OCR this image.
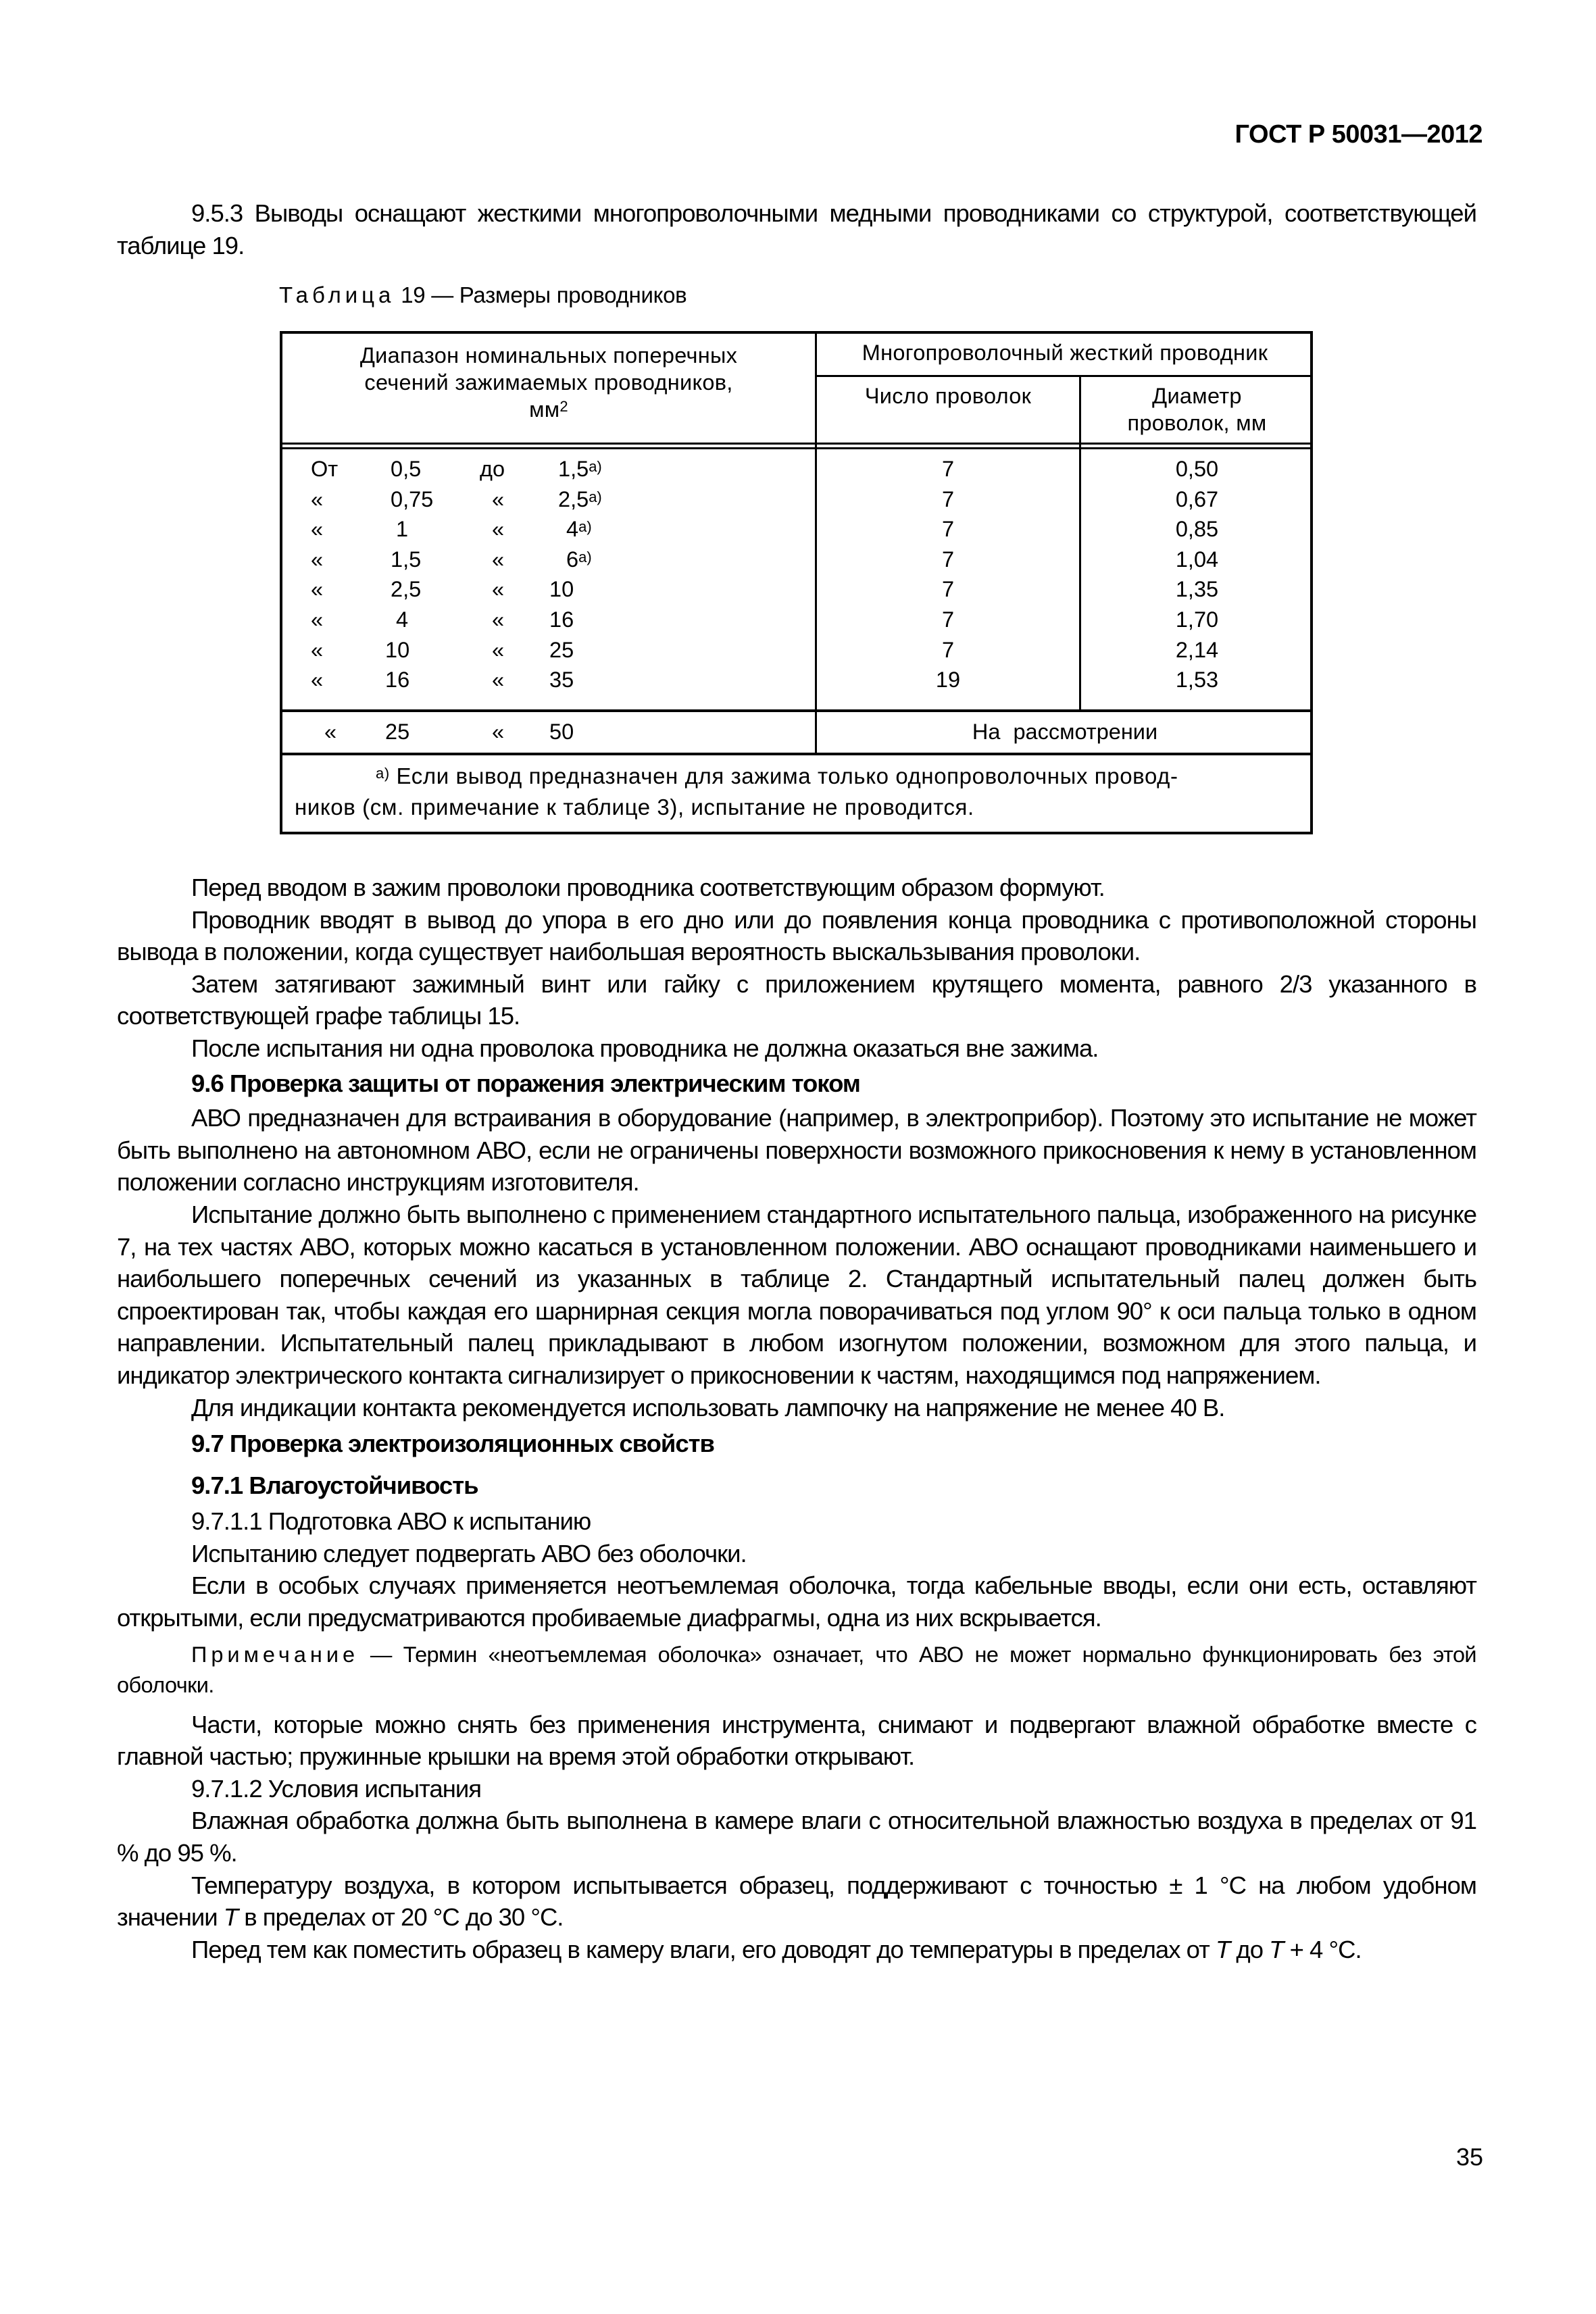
ГОСТ Р 50031—2012

9.5.3 Выводы оснащают жесткими многопроволочными медными проводниками со структурой, соответствующей таблице 19.

Таблица 19 — Размеры проводников
Диапазон номинальных поперечных
сечений зажимаемых проводников,
$мм^2$
Многопроволочный жесткий проводник
Число проволок	Диаметр
проволок, мм
От 0,5	до $1,5^{а)}$	7	0,50
«	0,75	« $2,5^{а)}$	7	0,67
«	1	«	$4^{а)}$	7	0,85
«	1,5	«	$6^{а)}$	7	1,04
«	2,5	« 10	7	1,35
«	4	« 16	7	1,70
«	10	« 25	7	2,14
«	16	« 35	19	1,53
« 25	« 50	На рассмотрении
$^{а)}$ Если вывод предназначен для зажима только однопроволочных провод-
ников (см. примечание к таблице 3), испытание не проводится.

Перед вводом в зажим проволоки проводника соответствующим образом формуют.

Проводник вводят в вывод до упора в его дно или до появления конца проводника с противоположной стороны вывода в положении, когда существует наибольшая вероятность выскальзывания проволоки.

Затем затягивают зажимный винт или гайку с приложением крутящего момента, равного 2/3 указанного в соответствующей графе таблицы 15.

После испытания ни одна проволока проводника не должна оказаться вне зажима.

9.6 Проверка защиты от поражения электрическим током

АВО предназначен для встраивания в оборудование (например, в электроприбор). Поэтому это испытание не может быть выполнено на автономном АВО, если не ограничены поверхности возможного прикосновения к нему в установленном положении согласно инструкциям изготовителя.

Испытание должно быть выполнено с применением стандартного испытательного пальца, изображенного на рисунке 7, на тех частях АВО, которых можно касаться в установленном положении. АВО оснащают проводниками наименьшего и наибольшего поперечных сечений из указанных в таблице 2. Стандартный испытательный палец должен быть спроектирован так, чтобы каждая его шарнирная секция могла поворачиваться под углом 90° к оси пальца только в одном направлении. Испытательный палец прикладывают в любом изогнутом положении, возможном для этого пальца, и индикатор электрического контакта сигнализирует о прикосновении к частям, находящимся под напряжением.

Для индикации контакта рекомендуется использовать лампочку на напряжение не менее 40 В.

9.7 Проверка электроизоляционных свойств

9.7.1 Влагоустойчивость

9.7.1.1 Подготовка АВО к испытанию

Испытанию следует подвергать АВО без оболочки.

Если в особых случаях применяется неотъемлемая оболочка, тогда кабельные вводы, если они есть, оставляют открытыми, если предусматриваются пробиваемые диафрагмы, одна из них вскрывается.

Примечание — Термин «неотъемлемая оболочка» означает, что АВО не может нормально функционировать без этой оболочки.

Части, которые можно снять без применения инструмента, снимают и подвергают влажной обработке вместе с главной частью; пружинные крышки на время этой обработки открывают.

9.7.1.2 Условия испытания

Влажная обработка должна быть выполнена в камере влаги с относительной влажностью воздуха в пределах от 91 % до 95 %.

Температуру воздуха, в котором испытывается образец, поддерживают с точностью ± 1 °С на любом удобном значении T в пределах от 20 °С до 30 °С.

Перед тем как поместить образец в камеру влаги, его доводят до температуры в пределах от T до T + 4 °С.

35
